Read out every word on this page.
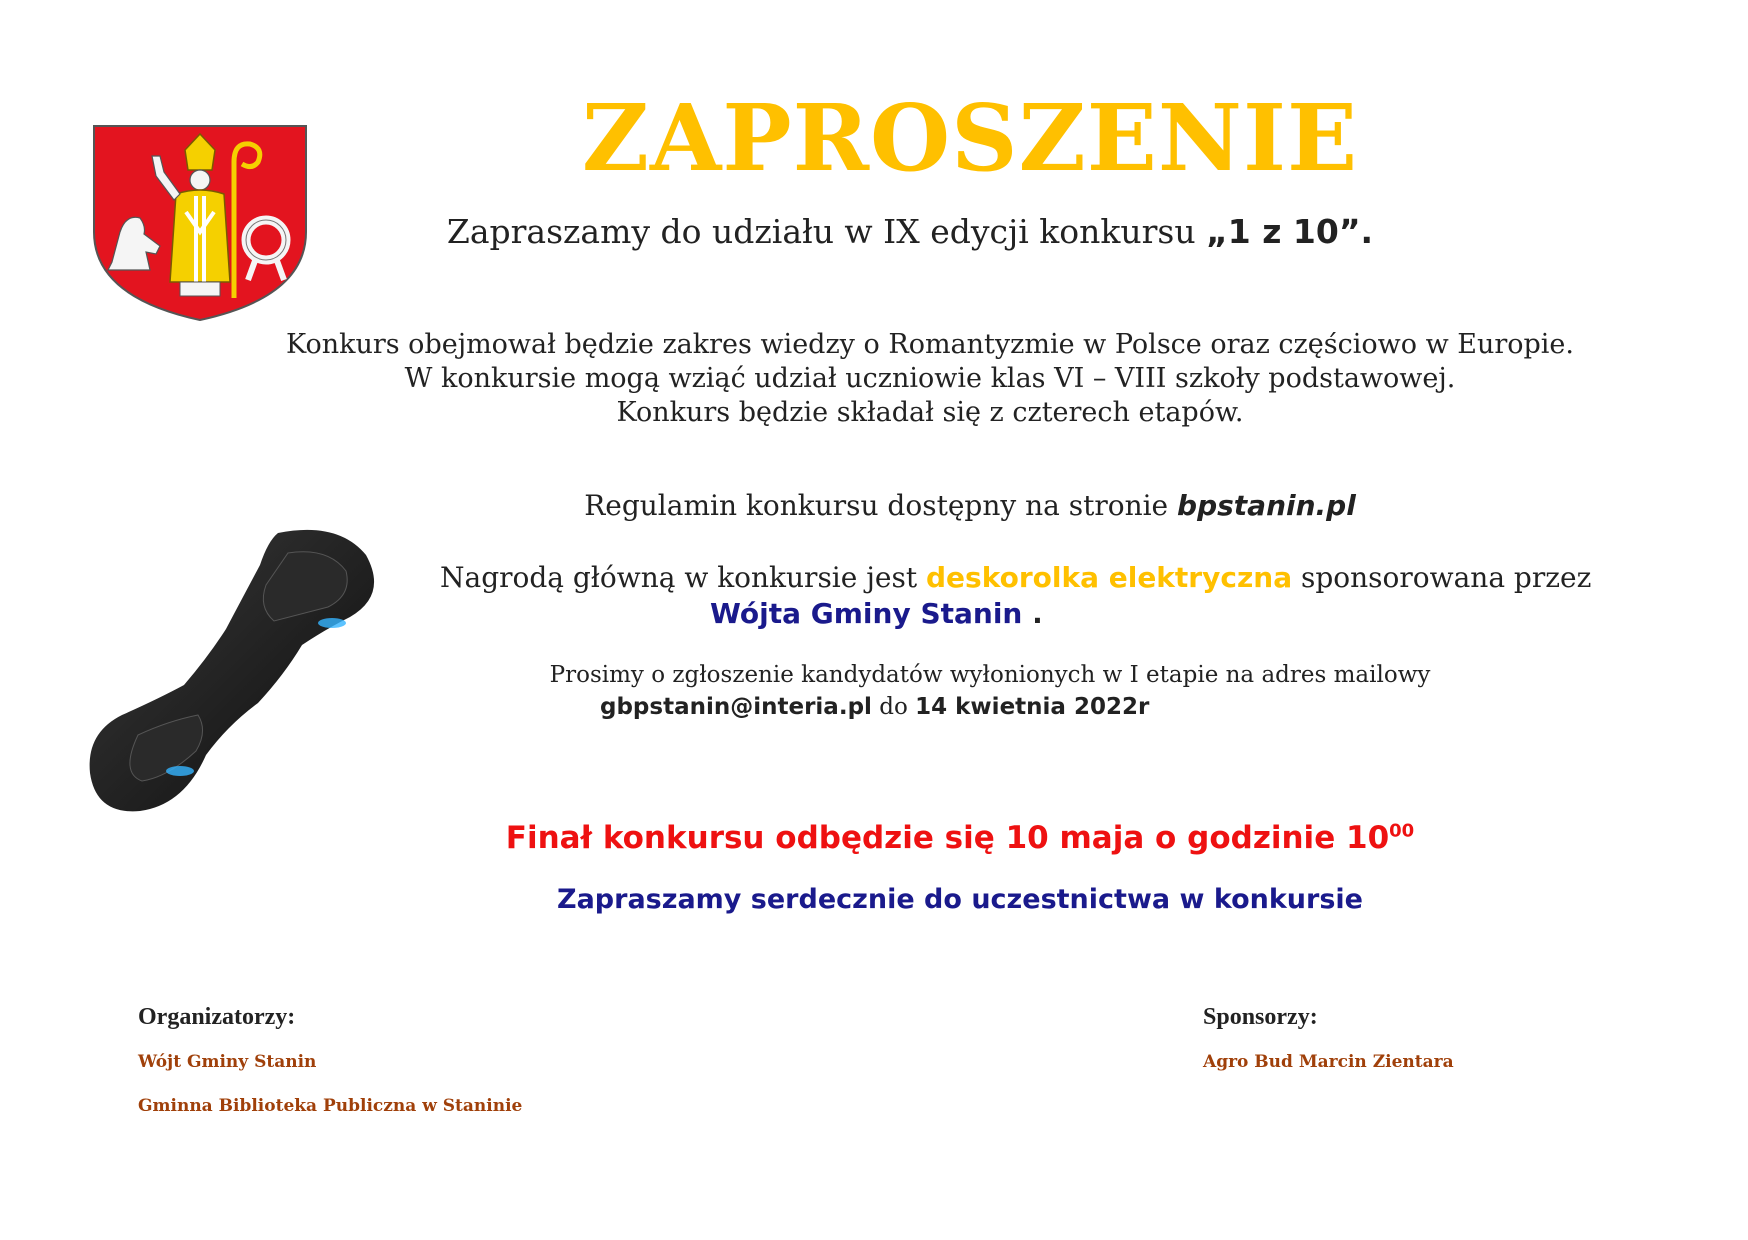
ZAPROSZENIE
Zapraszamy do udziału w IX edycji konkursu „1 z 10”.
Konkurs obejmował będzie zakres wiedzy o Romantyzmie w Polsce oraz częściowo w Europie.
W konkursie mogą wziąć udział uczniowie klas VI – VIII szkoły podstawowej.
Konkurs będzie składał się z czterech etapów.
Regulamin konkursu dostępny na stronie bpstanin.pl
Nagrodą główną w konkursie jest deskorolka elektryczna sponsorowana przez
Wójta Gminy Stanin .
Prosimy o zgłoszenie kandydatów wyłonionych w I etapie na adres mailowy
gbpstanin@interia.pl do 14 kwietnia 2022r
Finał konkursu odbędzie się 10 maja o godzinie $10^{00}$
Zapraszamy serdecznie do uczestnictwa w konkursie
Organizatorzy:
Wójt Gminy Stanin
Gminna Biblioteka Publiczna w Staninie
Sponsorzy:
Agro Bud Marcin Zientara
